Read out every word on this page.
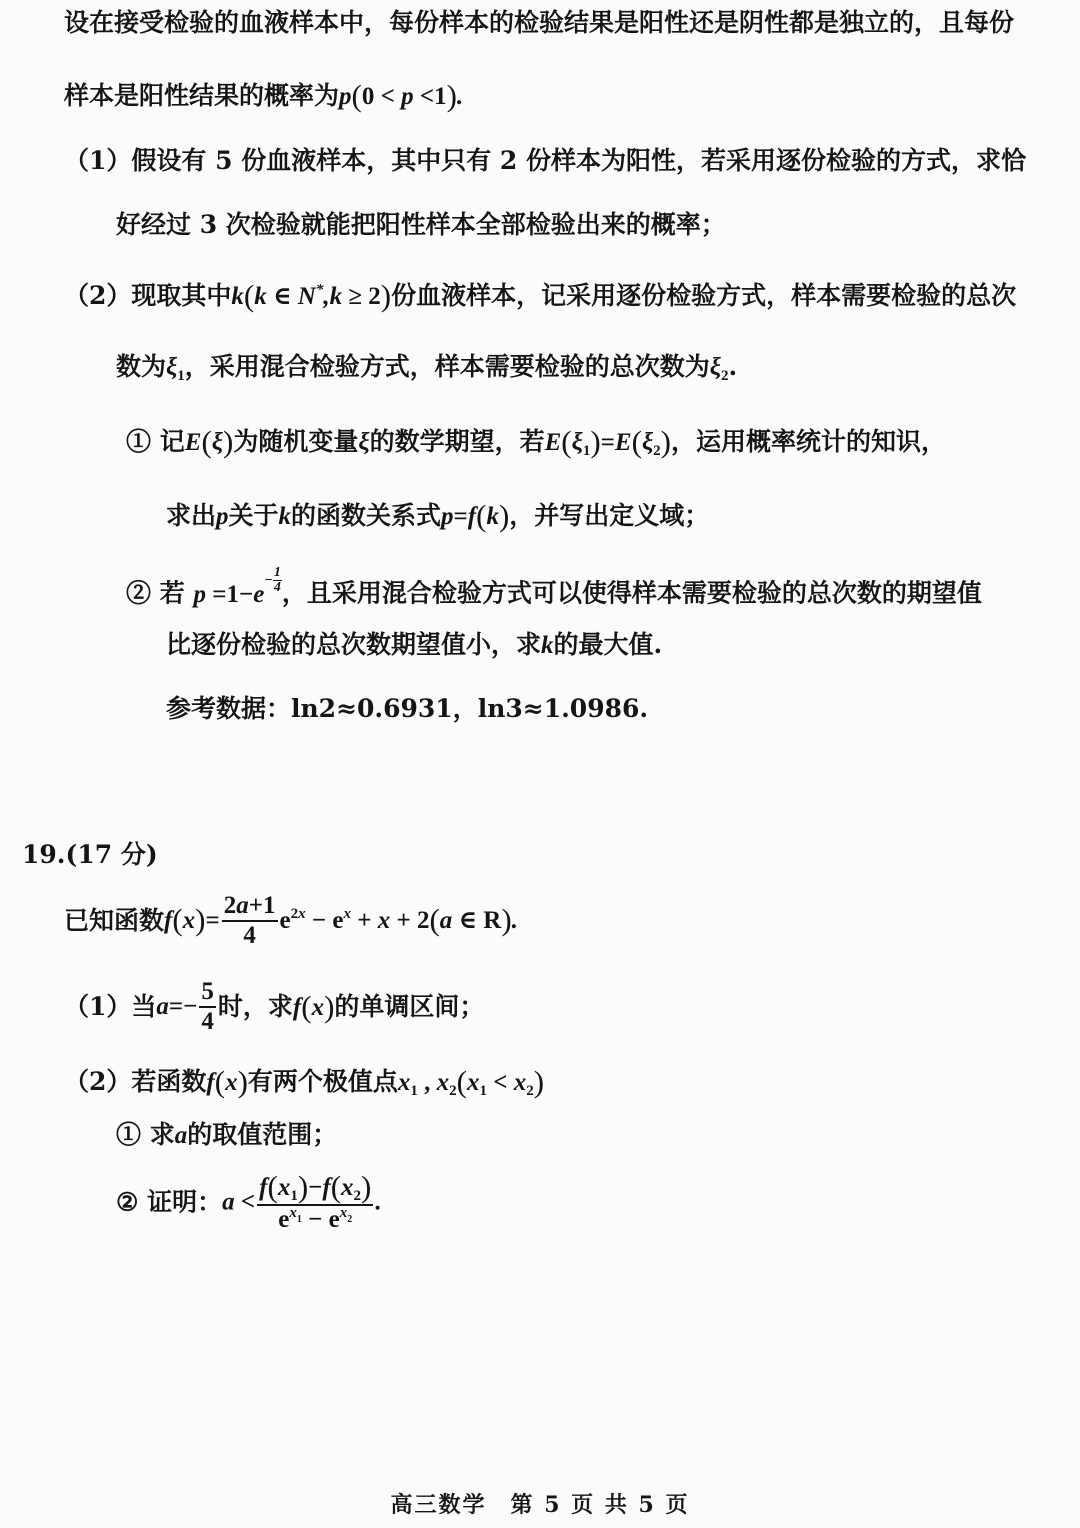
设在接受检验的血液样本中，每份样本的检验结果是阳性还是阴性都是独立的，且每份
样本是阳性结果的概率为p(0 < p <1).
（1）假设有 5 份血液样本，其中只有 2 份样本为阳性，若采用逐份检验的方式，求恰
好经过 3 次检验就能把阳性样本全部检验出来的概率；
（2）现取其中k(k ∈ N*,k ≥ 2)份血液样本，记采用逐份检验方式，样本需要检验的总次
数为$\xi_1$，采用混合检验方式，样本需要检验的总次数为$\xi_2$.
① 记E(ξ)为随机变量ξ的数学期望，若$E(\xi_1)=E(\xi_2)$，运用概率统计的知识，
求出p关于k的函数关系式p=f(k)，并写出定义域；
② 若 $p =1-e- \frac{1}{4}$ ，且采用混合检验方式可以使得样本需要检验的总次数的期望值
比逐份检验的总次数期望值小，求k的最大值.
参考数据：ln2≈0.6931，ln3≈1.0986.
19.(17 分)
已知函数$f(x)= \frac{2a+1}{4} e^{2x} - e^x + x + 2(a$ ∈ R).
（1）当$a=- \frac{5}{4}$ 时，求f(x)的单调区间；
（2）若函数f(x)有两个极值点$x_1$ , $x_2(x_1 < x_2)$
① 求a的取值范围；
② 证明：$a < \frac{f(x_1)-f(x_2)}{e^{x_1} - e^{x_2}}$ .
高三数学　第 5 页 共 5 页
